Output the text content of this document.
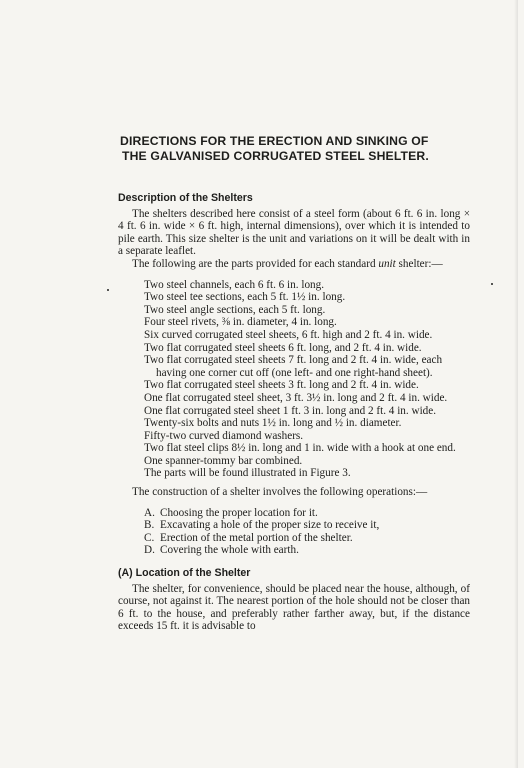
DIRECTIONS FOR THE ERECTION AND SINKING OF
THE GALVANISED CORRUGATED STEEL SHELTER.
Description of the Shelters

The shelters described here consist of a steel form (about 6 ft. 6 in. long × 4 ft. 6 in. wide × 6 ft. high, internal dimensions), over which it is intended to pile earth. This size shelter is the unit and variations on it will be dealt with in a separate leaflet.

The following are the parts provided for each standard unit shelter:—

Two steel channels, each 6 ft. 6 in. long.
Two steel tee sections, each 5 ft. 1½ in. long.
Two steel angle sections, each 5 ft. long.
Four steel rivets, ⅜ in. diameter, 4 in. long.
Six curved corrugated steel sheets, 6 ft. high and 2 ft. 4 in. wide.
Two flat corrugated steel sheets 6 ft. long, and 2 ft. 4 in. wide.
Two flat corrugated steel sheets 7 ft. long and 2 ft. 4 in. wide, each having one corner cut off (one left- and one right-hand sheet).
Two flat corrugated steel sheets 3 ft. long and 2 ft. 4 in. wide.
One flat corrugated steel sheet, 3 ft. 3½ in. long and 2 ft. 4 in. wide.
One flat corrugated steel sheet 1 ft. 3 in. long and 2 ft. 4 in. wide.
Twenty-six bolts and nuts 1½ in. long and ½ in. diameter.
Fifty-two curved diamond washers.
Two flat steel clips 8½ in. long and 1 in. wide with a hook at one end.
One spanner-tommy bar combined.
The parts will be found illustrated in Figure 3.

The construction of a shelter involves the following operations:—

A. Choosing the proper location for it.
B. Excavating a hole of the proper size to receive it,
C. Erection of the metal portion of the shelter.
D. Covering the whole with earth.
(A) Location of the Shelter

The shelter, for convenience, should be placed near the house, although, of course, not against it. The nearest portion of the hole should not be closer than 6 ft. to the house, and preferably rather farther away, but, if the distance exceeds 15 ft. it is advisable to
